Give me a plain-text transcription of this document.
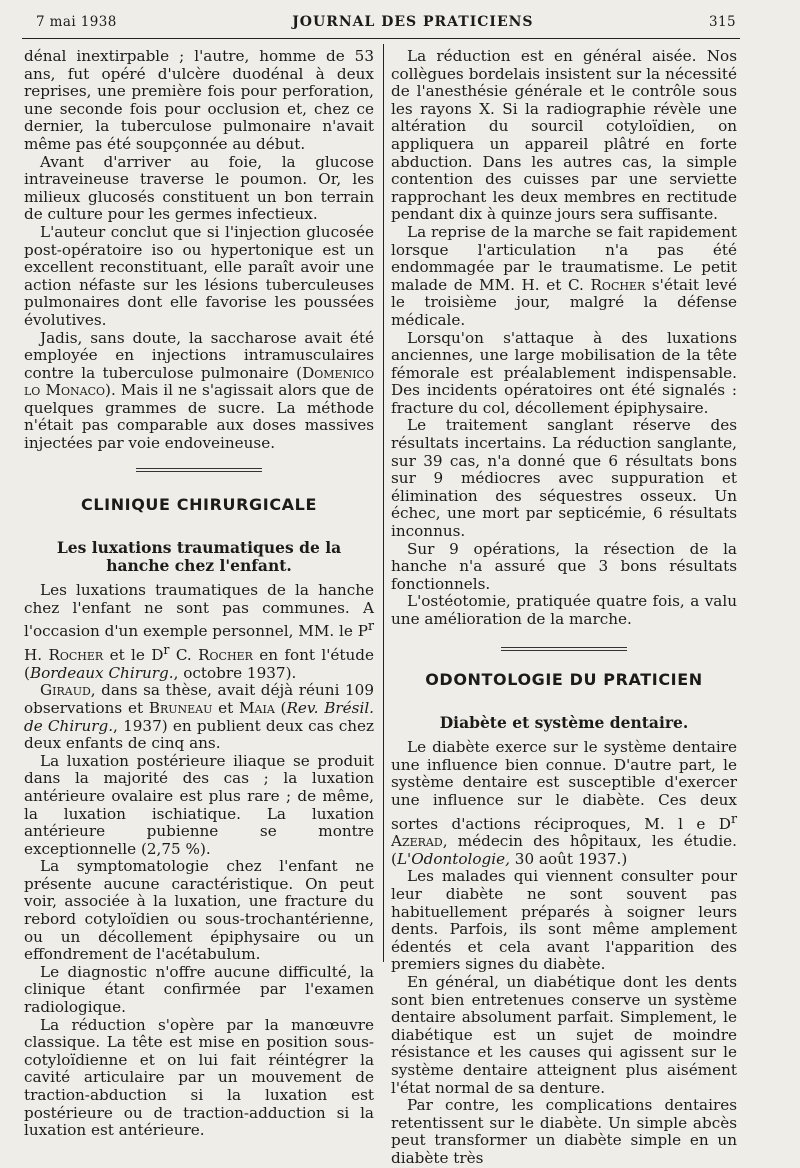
7 mai 1938	JOURNAL DES PRATICIENS	315

dénal inextirpable ; l'autre, homme de 53 ans, fut opéré d'ulcère duodénal à deux reprises, une première fois pour perforation, une seconde fois pour occlusion et, chez ce dernier, la tuberculose pulmonaire n'avait même pas été soupçonnée au début.

Avant d'arriver au foie, la glucose intraveineuse traverse le poumon. Or, les milieux glucosés constituent un bon terrain de culture pour les germes infectieux.

L'auteur conclut que si l'injection glucosée post-opératoire iso ou hypertonique est un excellent reconstituant, elle paraît avoir une action néfaste sur les lésions tuberculeuses pulmonaires dont elle favorise les poussées évolutives.

Jadis, sans doute, la saccharose avait été employée en injections intramusculaires contre la tuberculose pulmonaire (Domenico lo Monaco). Mais il ne s'agissait alors que de quelques grammes de sucre. La méthode n'était pas comparable aux doses massives injectées par voie endoveineuse.

CLINIQUE CHIRURGICALE
Les luxations traumatiques de la hanche chez l'enfant.

Les luxations traumatiques de la hanche chez l'enfant ne sont pas communes. A l'occasion d'un exemple personnel, MM. le $P^r$ H. Rocher et le $D^r$ C. Rocher en font l'étude (Bordeaux Chirurg., octobre 1937).

Giraud, dans sa thèse, avait déjà réuni 109 observations et Bruneau et Maia (Rev. Brésil. de Chirurg., 1937) en publient deux cas chez deux enfants de cinq ans.

La luxation postérieure iliaque se produit dans la majorité des cas ; la luxation antérieure ovalaire est plus rare ; de même, la luxation ischiatique. La luxation antérieure pubienne se montre exceptionnelle (2,75 %).

La symptomatologie chez l'enfant ne présente aucune caractéristique. On peut voir, associée à la luxation, une fracture du rebord cotyloïdien ou sous-trochantérienne, ou un décollement épiphysaire ou un effondrement de l'acétabulum.

Le diagnostic n'offre aucune difficulté, la clinique étant confirmée par l'examen radiologique.

La réduction s'opère par la manœuvre classique. La tête est mise en position sous-cotyloïdienne et on lui fait réintégrer la cavité articulaire par un mouvement de traction-abduction si la luxation est postérieure ou de traction-adduction si la luxation est antérieure.

La réduction est en général aisée. Nos collègues bordelais insistent sur la nécessité de l'anesthésie générale et le contrôle sous les rayons X. Si la radiographie révèle une altération du sourcil cotyloïdien, on appliquera un appareil plâtré en forte abduction. Dans les autres cas, la simple contention des cuisses par une serviette rapprochant les deux membres en rectitude pendant dix à quinze jours sera suffisante.

La reprise de la marche se fait rapidement lorsque l'articulation n'a pas été endommagée par le traumatisme. Le petit malade de MM. H. et C. Rocher s'était levé le troisième jour, malgré la défense médicale.

Lorsqu'on s'attaque à des luxations anciennes, une large mobilisation de la tête fémorale est préalablement indispensable. Des incidents opératoires ont été signalés : fracture du col, décollement épiphysaire.

Le traitement sanglant réserve des résultats incertains. La réduction sanglante, sur 39 cas, n'a donné que 6 résultats bons sur 9 médiocres avec suppuration et élimination des séquestres osseux. Un échec, une mort par septicémie, 6 résultats inconnus.

Sur 9 opérations, la résection de la hanche n'a assuré que 3 bons résultats fonctionnels.

L'ostéotomie, pratiquée quatre fois, a valu une amélioration de la marche.

ODONTOLOGIE DU PRATICIEN
Diabète et système dentaire.

Le diabète exerce sur le système dentaire une influence bien connue. D'autre part, le système dentaire est susceptible d'exercer une influence sur le diabète. Ces deux sortes d'actions réciproques, M. l e $D^r$ Azerad, médecin des hôpitaux, les étudie. (L'Odontologie, 30 août 1937.)

Les malades qui viennent consulter pour leur diabète ne sont souvent pas habituellement préparés à soigner leurs dents. Parfois, ils sont même amplement édentés et cela avant l'apparition des premiers signes du diabète.

En général, un diabétique dont les dents sont bien entretenues conserve un système dentaire absolument parfait. Simplement, le diabétique est un sujet de moindre résistance et les causes qui agissent sur le système dentaire atteignent plus aisément l'état normal de sa denture.

Par contre, les complications dentaires retentissent sur le diabète. Un simple abcès peut transformer un diabète simple en un diabète très
